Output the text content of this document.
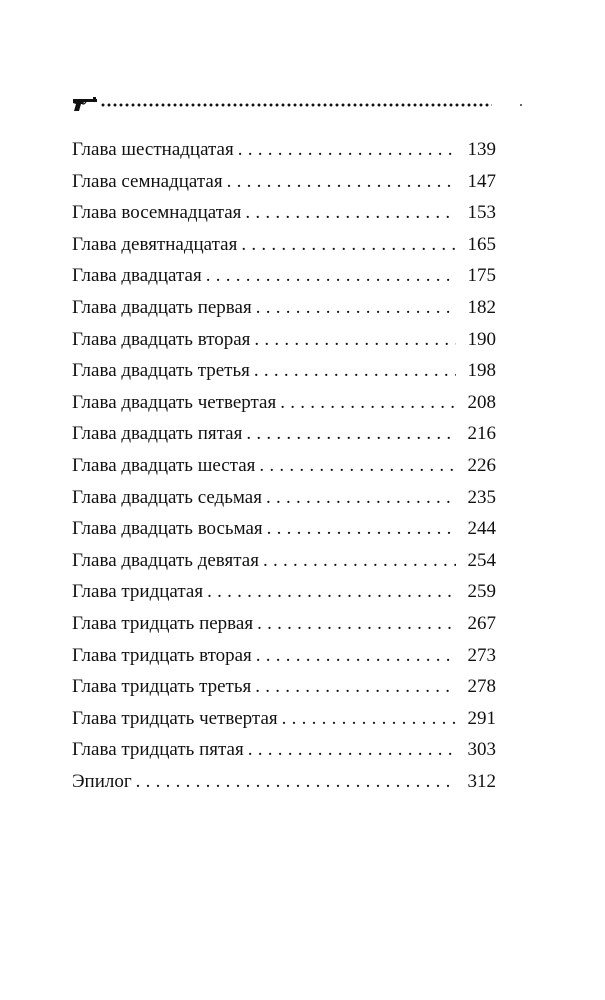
Глава шестнадцатая . . .	139
Глава семнадцатая . . .	147
Глава восемнадцатая . . .	153
Глава девятнадцатая . . .	165
Глава двадцатая . . .	175
Глава двадцать первая . . .	182
Глава двадцать вторая . . .	190
Глава двадцать третья . . .	198
Глава двадцать четвертая . . .	208
Глава двадцать пятая . . .	216
Глава двадцать шестая . . .	226
Глава двадцать седьмая . . .	235
Глава двадцать восьмая . . .	244
Глава двадцать девятая . . .	254
Глава тридцатая . . .	259
Глава тридцать первая . . .	267
Глава тридцать вторая . . .	273
Глава тридцать третья . . .	278
Глава тридцать четвертая . . .	291
Глава тридцать пятая . . .	303
Эпилог . . .	312
